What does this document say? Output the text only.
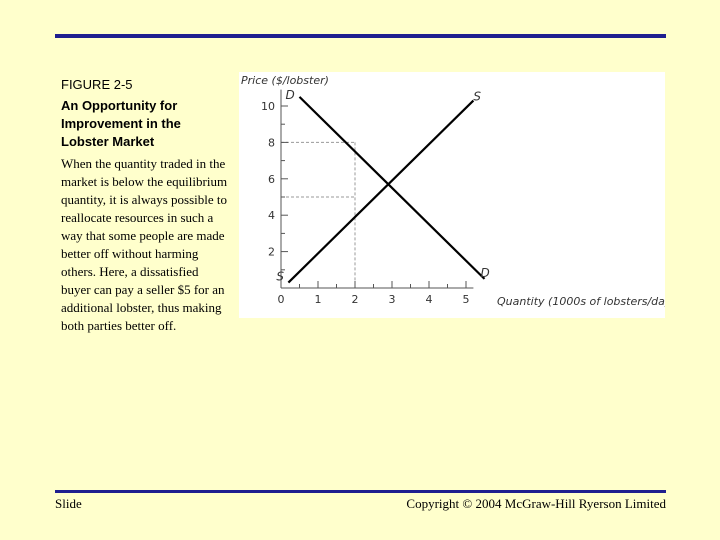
FIGURE 2-5
An Opportunity for Improvement in the Lobster Market
When the quantity traded in the market is below the equilibrium quantity, it is always possible to reallocate resources in such a way that some people are made better off without harming others. Here, a dissatisfied buyer can pay a seller $5 for an additional lobster, thus making both parties better off.
0	1	2	3	4	5
2
4
6
8
10
D
D
S
S
Price ($/lobster)
Quantity (1000s of lobsters/day)
Slide	Copyright © 2004 McGraw-Hill Ryerson Limited
